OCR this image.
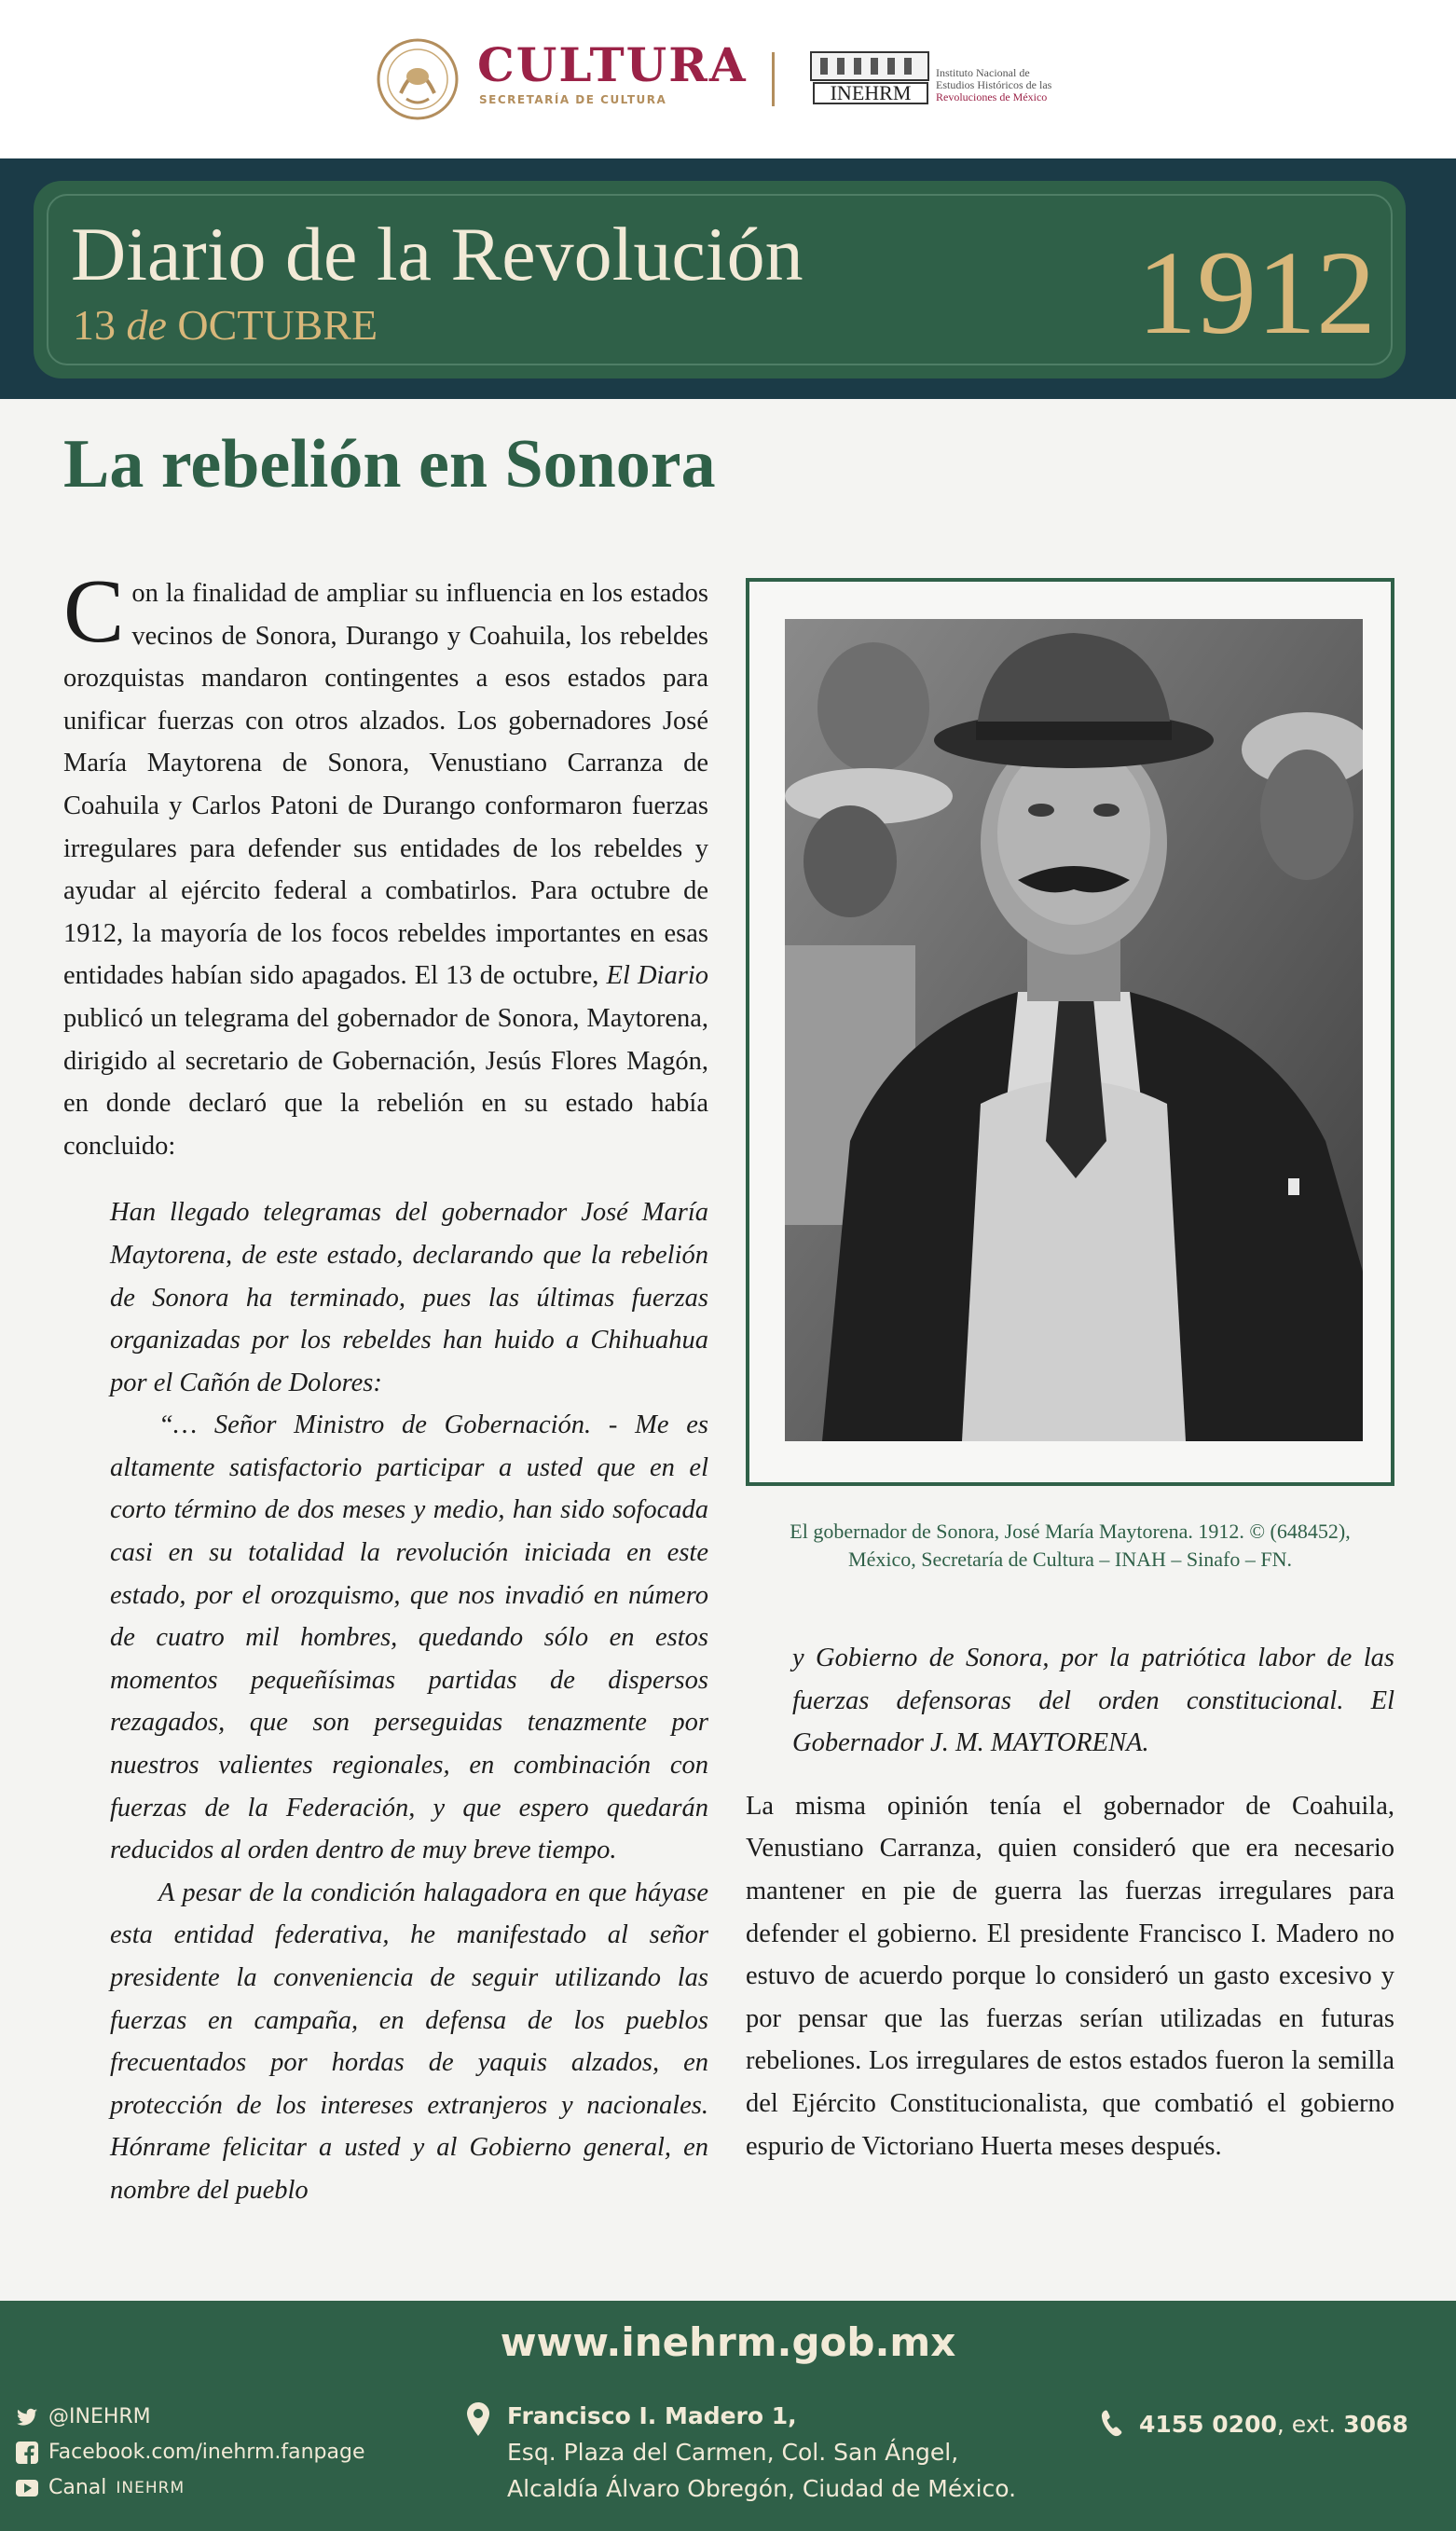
CULTURA
SECRETARÍA DE CULTURA	INEHRM
Instituto Nacional de
Estudios Históricos de las
Revoluciones de México
Diario de la Revolución
13 de OCTUBRE	1912
La rebelión en Sonora

Con la finalidad de ampliar su influencia en los estados vecinos de Sonora, Durango y Coahuila, los rebeldes orozquistas mandaron contingentes a esos estados para unificar fuerzas con otros alzados. Los gobernadores José María Maytorena de Sonora, Venustiano Carranza de Coahuila y Carlos Patoni de Durango conformaron fuerzas irregulares para defender sus entidades de los rebeldes y ayudar al ejército federal a combatirlos. Para octubre de 1912, la mayoría de los focos rebeldes importantes en esas entidades habían sido apagados. El 13 de octubre, El Diario publicó un telegrama del gobernador de Sonora, Maytorena, dirigido al secretario de Gobernación, Jesús Flores Magón, en donde declaró que la rebelión en su estado había concluido:

Han llegado telegramas del gobernador José María Maytorena, de este estado, declarando que la rebelión de Sonora ha terminado, pues las últimas fuerzas organizadas por los rebeldes han huido a Chihuahua por el Cañón de Dolores:

“… Señor Ministro de Gobernación. - Me es altamente satisfactorio participar a usted que en el corto término de dos meses y medio, han sido sofocada casi en su totalidad la revolución iniciada en este estado, por el orozquismo, que nos invadió en número de cuatro mil hombres, quedando sólo en estos momentos pequeñísimas partidas de dispersos rezagados, que son perseguidas tenazmente por nuestros valientes regionales, en combinación con fuerzas de la Federación, y que espero quedarán reducidos al orden dentro de muy breve tiempo.

A pesar de la condición halagadora en que háyase esta entidad federativa, he manifestado al señor presidente la conveniencia de seguir utilizando las fuerzas en campaña, en defensa de los pueblos frecuentados por hordas de yaquis alzados, en protección de los intereses extranjeros y nacionales. Hónrame felicitar a usted y al Gobierno general, en nombre del pueblo

El gobernador de Sonora, José María Maytorena. 1912. © (648452),
México, Secretaría de Cultura – INAH – Sinafo – FN.

y Gobierno de Sonora, por la patriótica labor de las fuerzas defensoras del orden constitucional. El Gobernador J. M. MAYTORENA.

La misma opinión tenía el gobernador de Coahuila, Venustiano Carranza, quien consideró que era necesario mantener en pie de guerra las fuerzas irregulares para defender el gobierno. El presidente Francisco I. Madero no estuvo de acuerdo porque lo consideró un gasto excesivo y por pensar que las fuerzas serían utilizadas en futuras rebeliones. Los irregulares de estos estados fueron la semilla del Ejército Constitucionalista, que combatió el gobierno espurio de Victoriano Huerta meses después.

www.inehrm.gob.mx
@INEHRM
Facebook.com/inehrm.fanpage
Canal INEHRM
Francisco I. Madero 1,
Esq. Plaza del Carmen, Col. San Ángel,
Alcaldía Álvaro Obregón, Ciudad de México.
4155 0200, ext. 3068
